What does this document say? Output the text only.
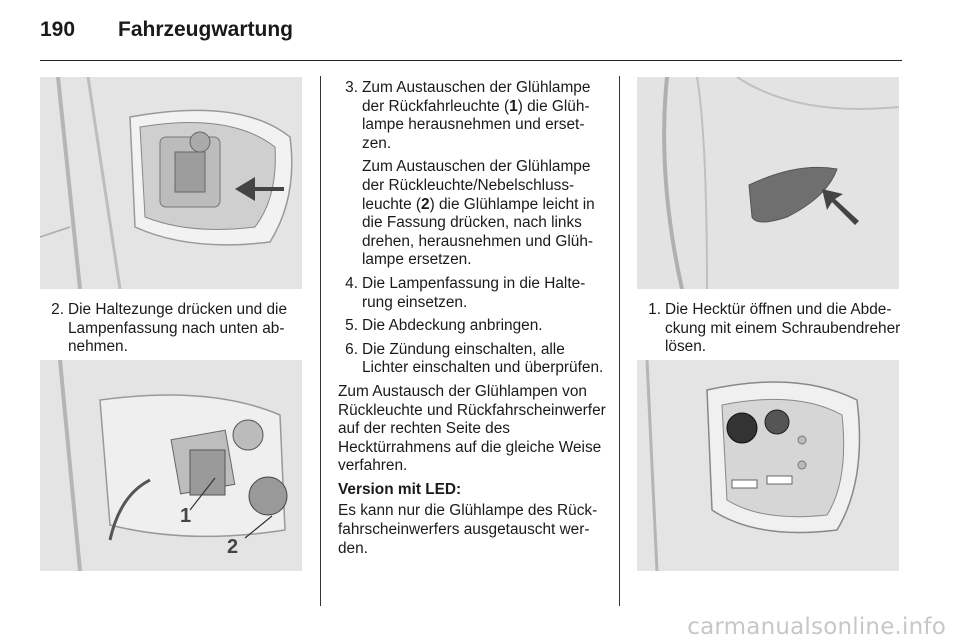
190	Fahrzeugwartung
2. Die Haltezunge drücken und die Lampenfassung nach unten abnehmen.
1
2
3. Zum Austauschen der Glühlampe der Rückfahrleuchte (1) die Glühlampe herausnehmen und ersetzen.

Zum Austauschen der Glühlampe der Rückleuchte/Nebelschlussleuchte (2) die Glühlampe leicht in die Fassung drücken, nach links drehen, herausnehmen und Glühlampe ersetzen.

4. Die Lampenfassung in die Halterung einsetzen.
5. Die Abdeckung anbringen.
6. Die Zündung einschalten, alle Lichter einschalten und überprüfen.

Zum Austausch der Glühlampen von Rückleuchte und Rückfahrscheinwerfer auf der rechten Seite des Hecktürrahmens auf die gleiche Weise verfahren.

Version mit LED:

Es kann nur die Glühlampe des Rückfahrscheinwerfers ausgetauscht werden.

1. Die Hecktür öffnen und die Abdeckung mit einem Schraubendreher lösen.
carmanualsonline.info
